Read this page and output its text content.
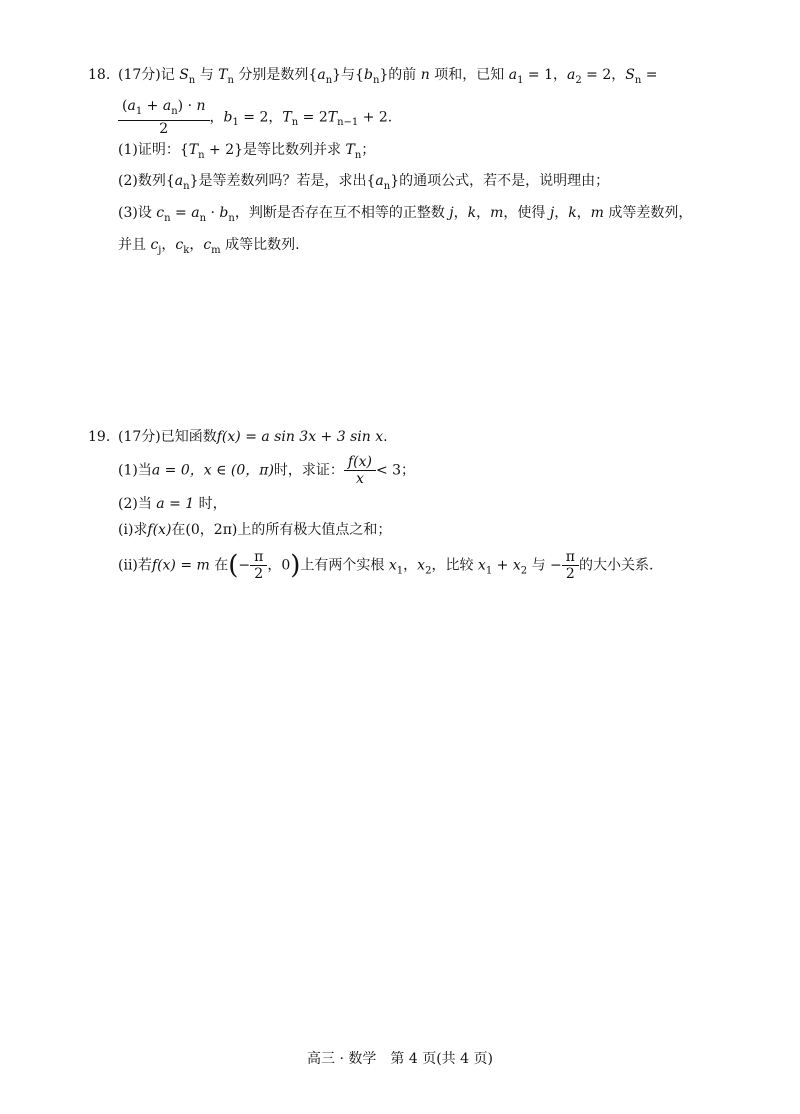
18. (17分)记 $S_n$ 与 $T_n$ 分别是数列$\{a_n\}$与$\{b_n\}$的前 n 项和，已知 $a_1 = 1$，$a_2 = 2$，$S_n$ =
$\frac{(a_1 + a_n) \cdot n}{2}$ ，$b_1 = 2$，$T_n = 2T_{n-1} + 2$.
(1)证明：$\{T_n + 2\}$是等比数列并求 $T_n$；
(2)数列$\{a_n\}$是等差数列吗？若是，求出$\{a_n\}$的通项公式，若不是，说明理由；
(3)设 $c_n = a_n \cdot b_n$，判断是否存在互不相等的正整数 j，k，m，使得 j，k，m 成等差数列，
并且 $c_j$，$c_k$，$c_m$ 成等比数列.
19. (17分)已知函数f(x) = a sin 3x + 3 sin x.
(1)当a = 0，x ∈ (0，π)时，求证： $\frac{f(x)}{x} < 3$；
(2)当 a = 1 时，
(i)求f(x)在(0，2π)上的所有极大值点之和；
(ii)若f(x) = m 在(− $\frac{\pi}{2}$ ，0)上有两个实根 $x_1$，$x_2$，比较 $x_1 + x_2$ 与 − $\frac{\pi}{2}$ 的大小关系.
高三 · 数学　第 4 页(共 4 页)
